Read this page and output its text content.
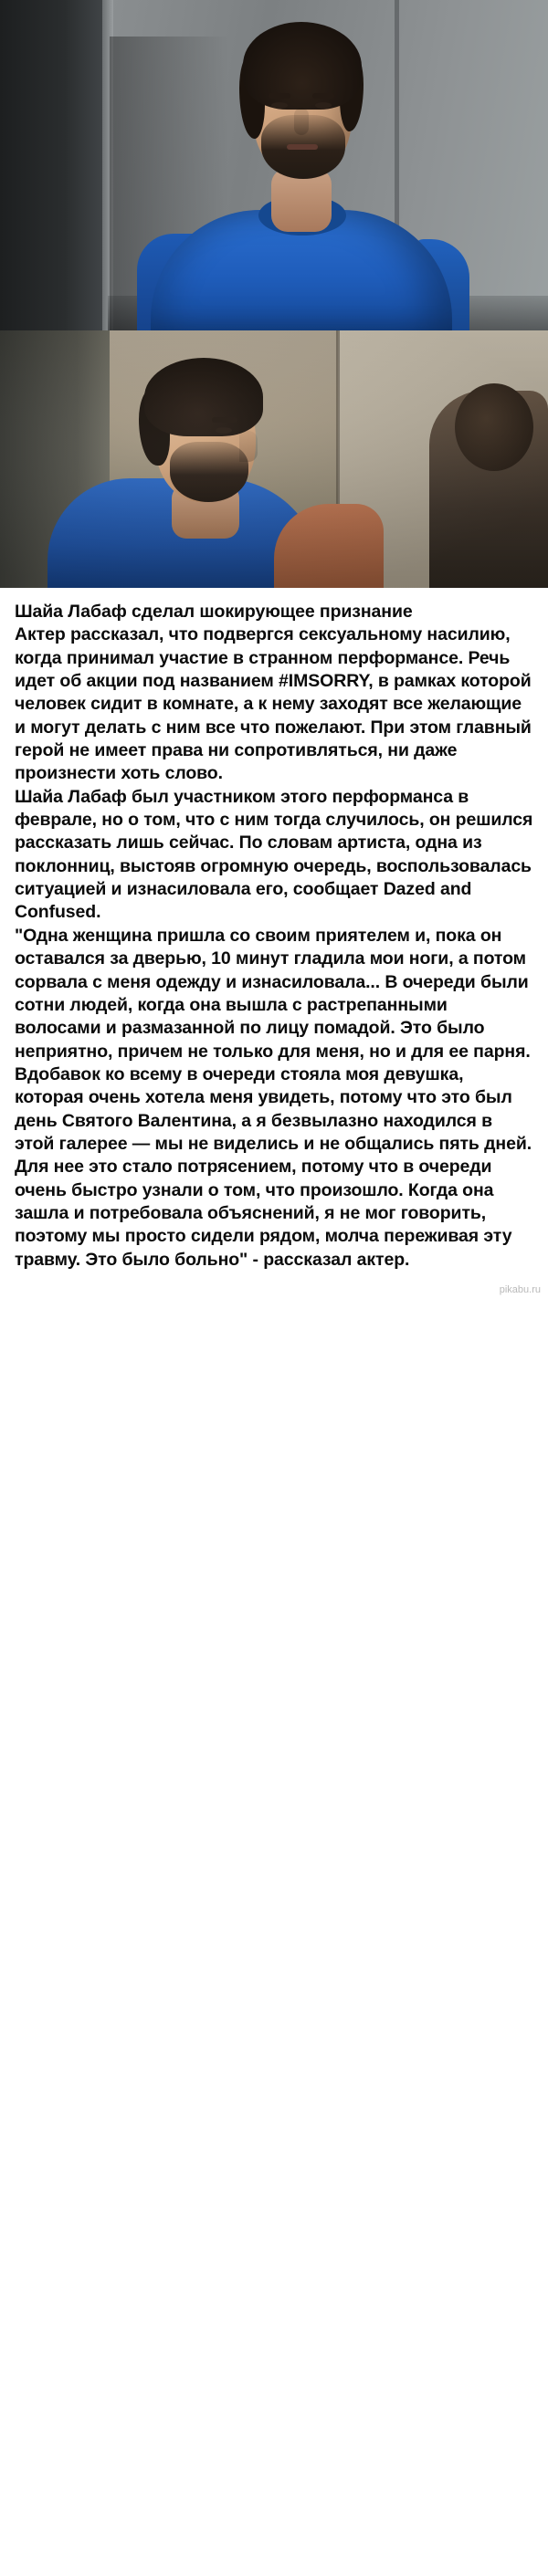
Шайа Лабаф сделал шокирующее признание

Актер рассказал, что подвергся сексуальному насилию, когда принимал участие в странном перформансе. Речь идет об акции под названием #IMSORRY, в рамках которой человек сидит в комнате, а к нему заходят все желающие и могут делать с ним все что пожелают. При этом главный герой не имеет права ни сопротивляться, ни даже произнести хоть слово.

Шайа Лабаф был участником этого перформанса в феврале, но о том, что с ним тогда случилось, он решился рассказать лишь сейчас. По словам артиста, одна из поклонниц, выстояв огромную очередь, воспользовалась ситуацией и изнасиловала его, сообщает Dazed and Confused.

"Одна женщина пришла со своим приятелем и, пока он оставался за дверью, 10 минут гладила мои ноги, а потом сорвала с меня одежду и изнасиловала... В очереди были сотни людей, когда она вышла с растрепанными волосами и размазанной по лицу помадой. Это было неприятно, причем не только для меня, но и для ее парня. Вдобавок ко всему в очереди стояла моя девушка, которая очень хотела меня увидеть, потому что это был день Святого Валентина, а я безвылазно находился в этой галерее — мы не виделись и не общались пять дней.

Для нее это стало потрясением, потому что в очереди очень быстро узнали о том, что произошло. Когда она зашла и потребовала объяснений, я не мог говорить, поэтому мы просто сидели рядом, молча переживая эту травму. Это было больно" - рассказал актер.

pikabu.ru
